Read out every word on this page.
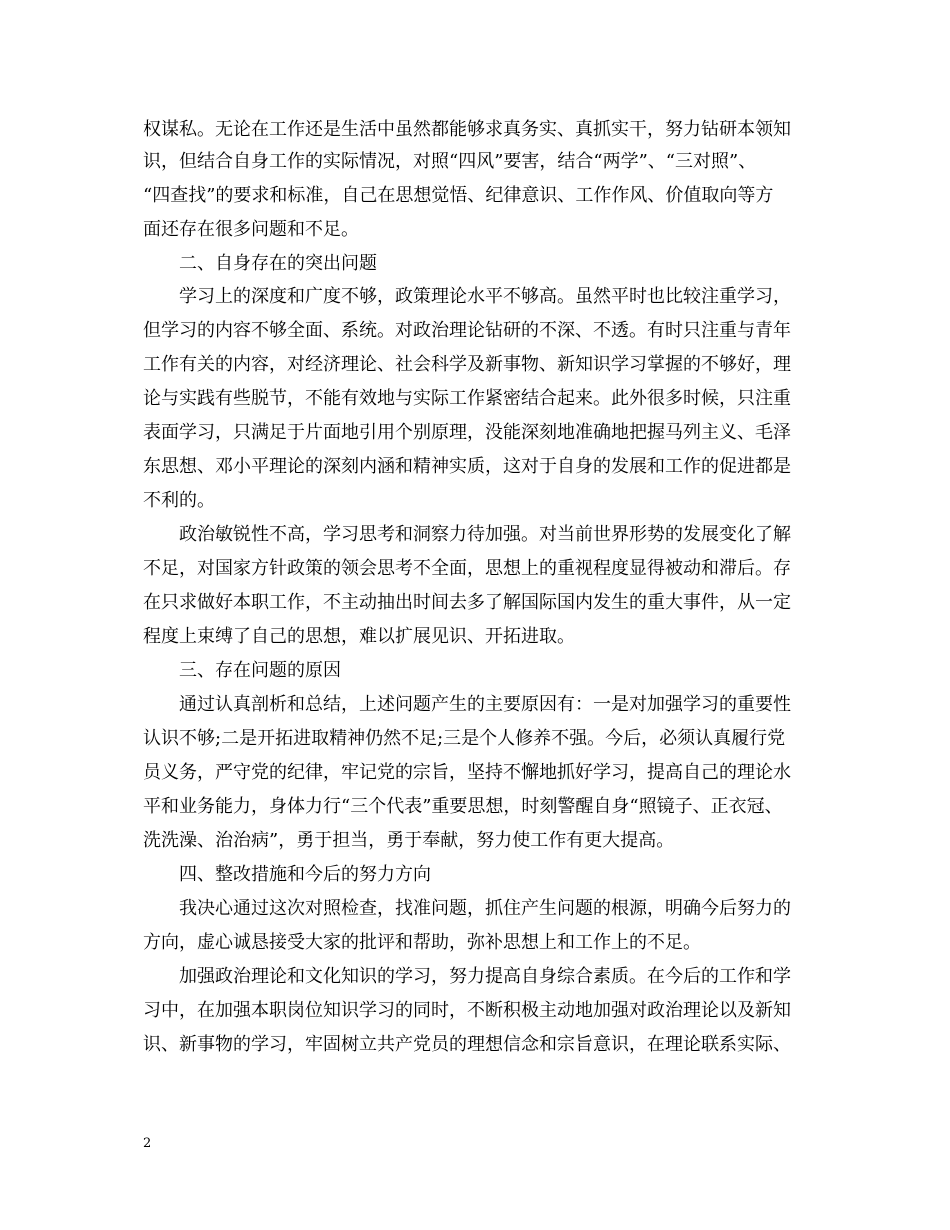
权谋私。无论在工作还是生活中虽然都能够求真务实、真抓实干，努力钻研本领知
识，但结合自身工作的实际情况，对照“四风”要害，结合“两学”、“三对照”、
“四查找”的要求和标准，自己在思想觉悟、纪律意识、工作作风、价值取向等方
面还存在很多问题和不足。
二、自身存在的突出问题
学习上的深度和广度不够，政策理论水平不够高。虽然平时也比较注重学习，
但学习的内容不够全面、系统。对政治理论钻研的不深、不透。有时只注重与青年
工作有关的内容，对经济理论、社会科学及新事物、新知识学习掌握的不够好，理
论与实践有些脱节，不能有效地与实际工作紧密结合起来。此外很多时候，只注重
表面学习，只满足于片面地引用个别原理，没能深刻地准确地把握马列主义、毛泽
东思想、邓小平理论的深刻内涵和精神实质，这对于自身的发展和工作的促进都是
不利的。
政治敏锐性不高，学习思考和洞察力待加强。对当前世界形势的发展变化了解
不足，对国家方针政策的领会思考不全面，思想上的重视程度显得被动和滞后。存
在只求做好本职工作，不主动抽出时间去多了解国际国内发生的重大事件，从一定
程度上束缚了自己的思想，难以扩展见识、开拓进取。
三、存在问题的原因
通过认真剖析和总结，上述问题产生的主要原因有：一是对加强学习的重要性
认识不够;二是开拓进取精神仍然不足;三是个人修养不强。今后，必须认真履行党
员义务，严守党的纪律，牢记党的宗旨，坚持不懈地抓好学习，提高自己的理论水
平和业务能力，身体力行“三个代表”重要思想，时刻警醒自身“照镜子、正衣冠、
洗洗澡、治治病”，勇于担当，勇于奉献，努力使工作有更大提高。
四、整改措施和今后的努力方向
我决心通过这次对照检查，找准问题，抓住产生问题的根源，明确今后努力的
方向，虚心诚恳接受大家的批评和帮助，弥补思想上和工作上的不足。
加强政治理论和文化知识的学习，努力提高自身综合素质。在今后的工作和学
习中，在加强本职岗位知识学习的同时，不断积极主动地加强对政治理论以及新知
识、新事物的学习，牢固树立共产党员的理想信念和宗旨意识，在理论联系实际、
2
